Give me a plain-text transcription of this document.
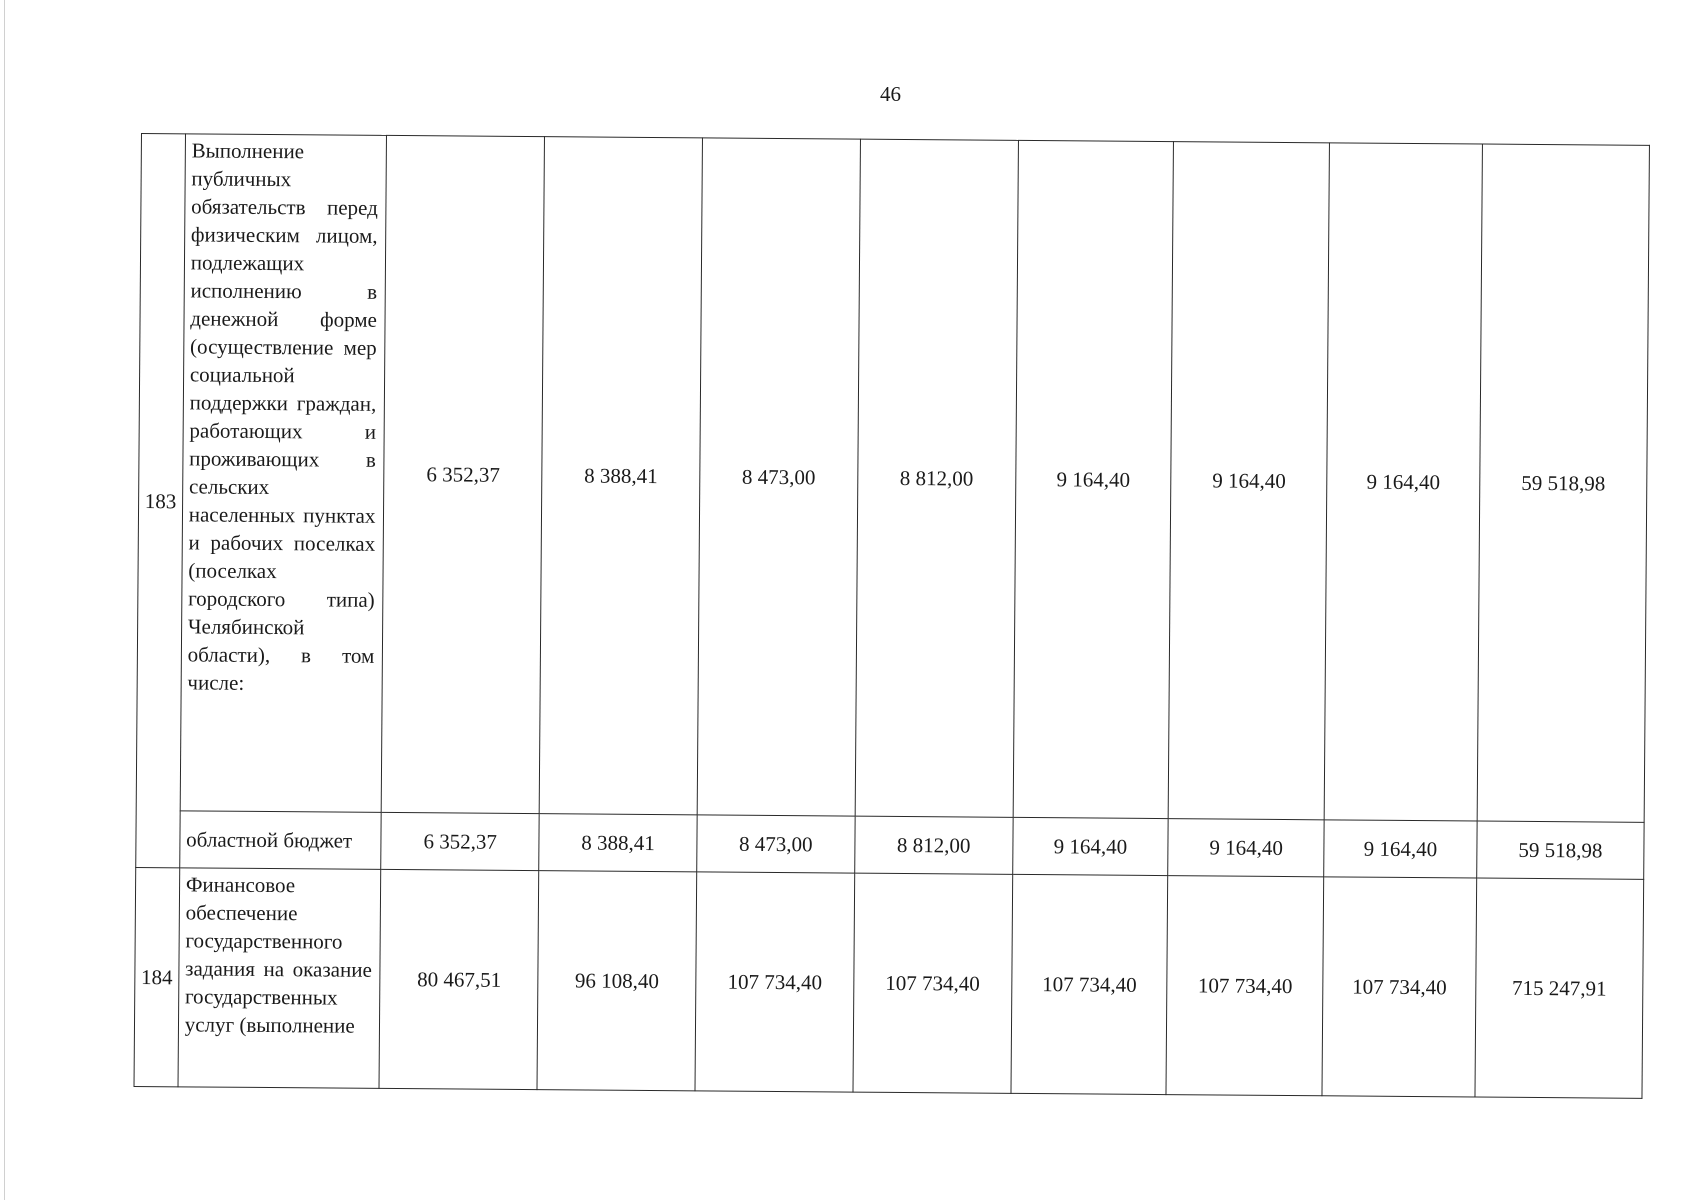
46
183	Выполнение публичных обязательств перед физическим лицом, подлежащих исполнению в денежной форме (осуществление мер социальной поддержки граждан, работающих и проживающих в сельских населенных пунктах и рабочих поселках (поселках городского типа) Челябинской области), в том числе:	6 352,37	8 388,41	8 473,00	8 812,00	9 164,40	9 164,40	9 164,40	59 518,98
	областной бюджет	6 352,37	8 388,41	8 473,00	8 812,00	9 164,40	9 164,40	9 164,40	59 518,98
184	Финансовое обеспечение государственного задания на оказание государственных услуг (выполнение	80 467,51	96 108,40	107 734,40	107 734,40	107 734,40	107 734,40	107 734,40	715 247,91
